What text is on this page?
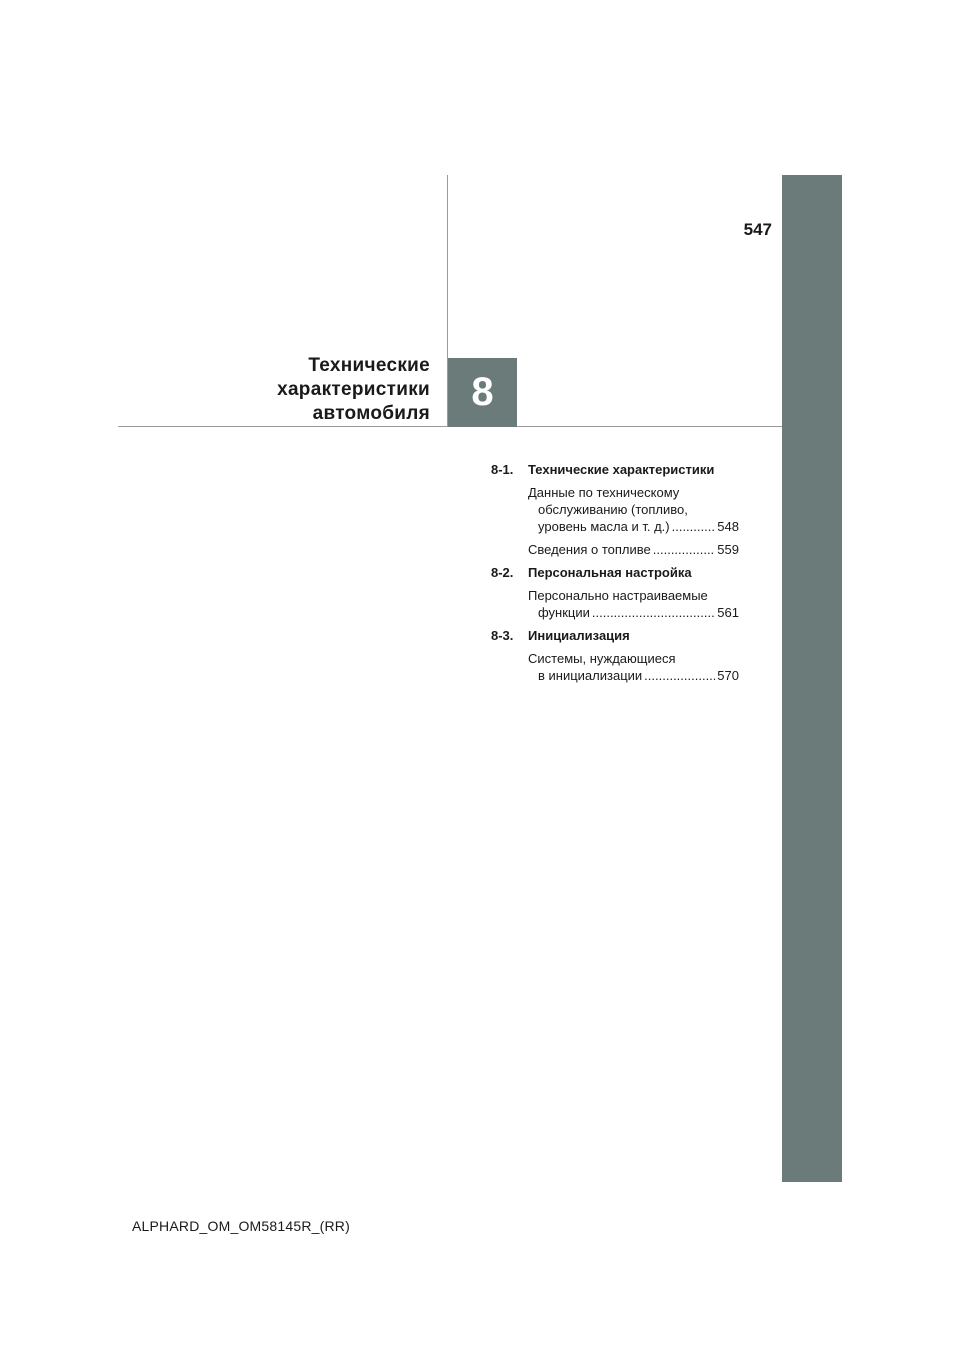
547
Технические
характеристики
автомобиля 8
8-1.	Технические характеристики
Данные по техническому
обслуживанию (топливо,
уровень масла и т. д.) .....	548
Сведения о топливе .....	559
8-2.	Персональная настройка
Персонально настраиваемые
функции .....	561
8-3.	Инициализация
Системы, нуждающиеся
в инициализации .....	570
ALPHARD_OM_OM58145R_(RR)
